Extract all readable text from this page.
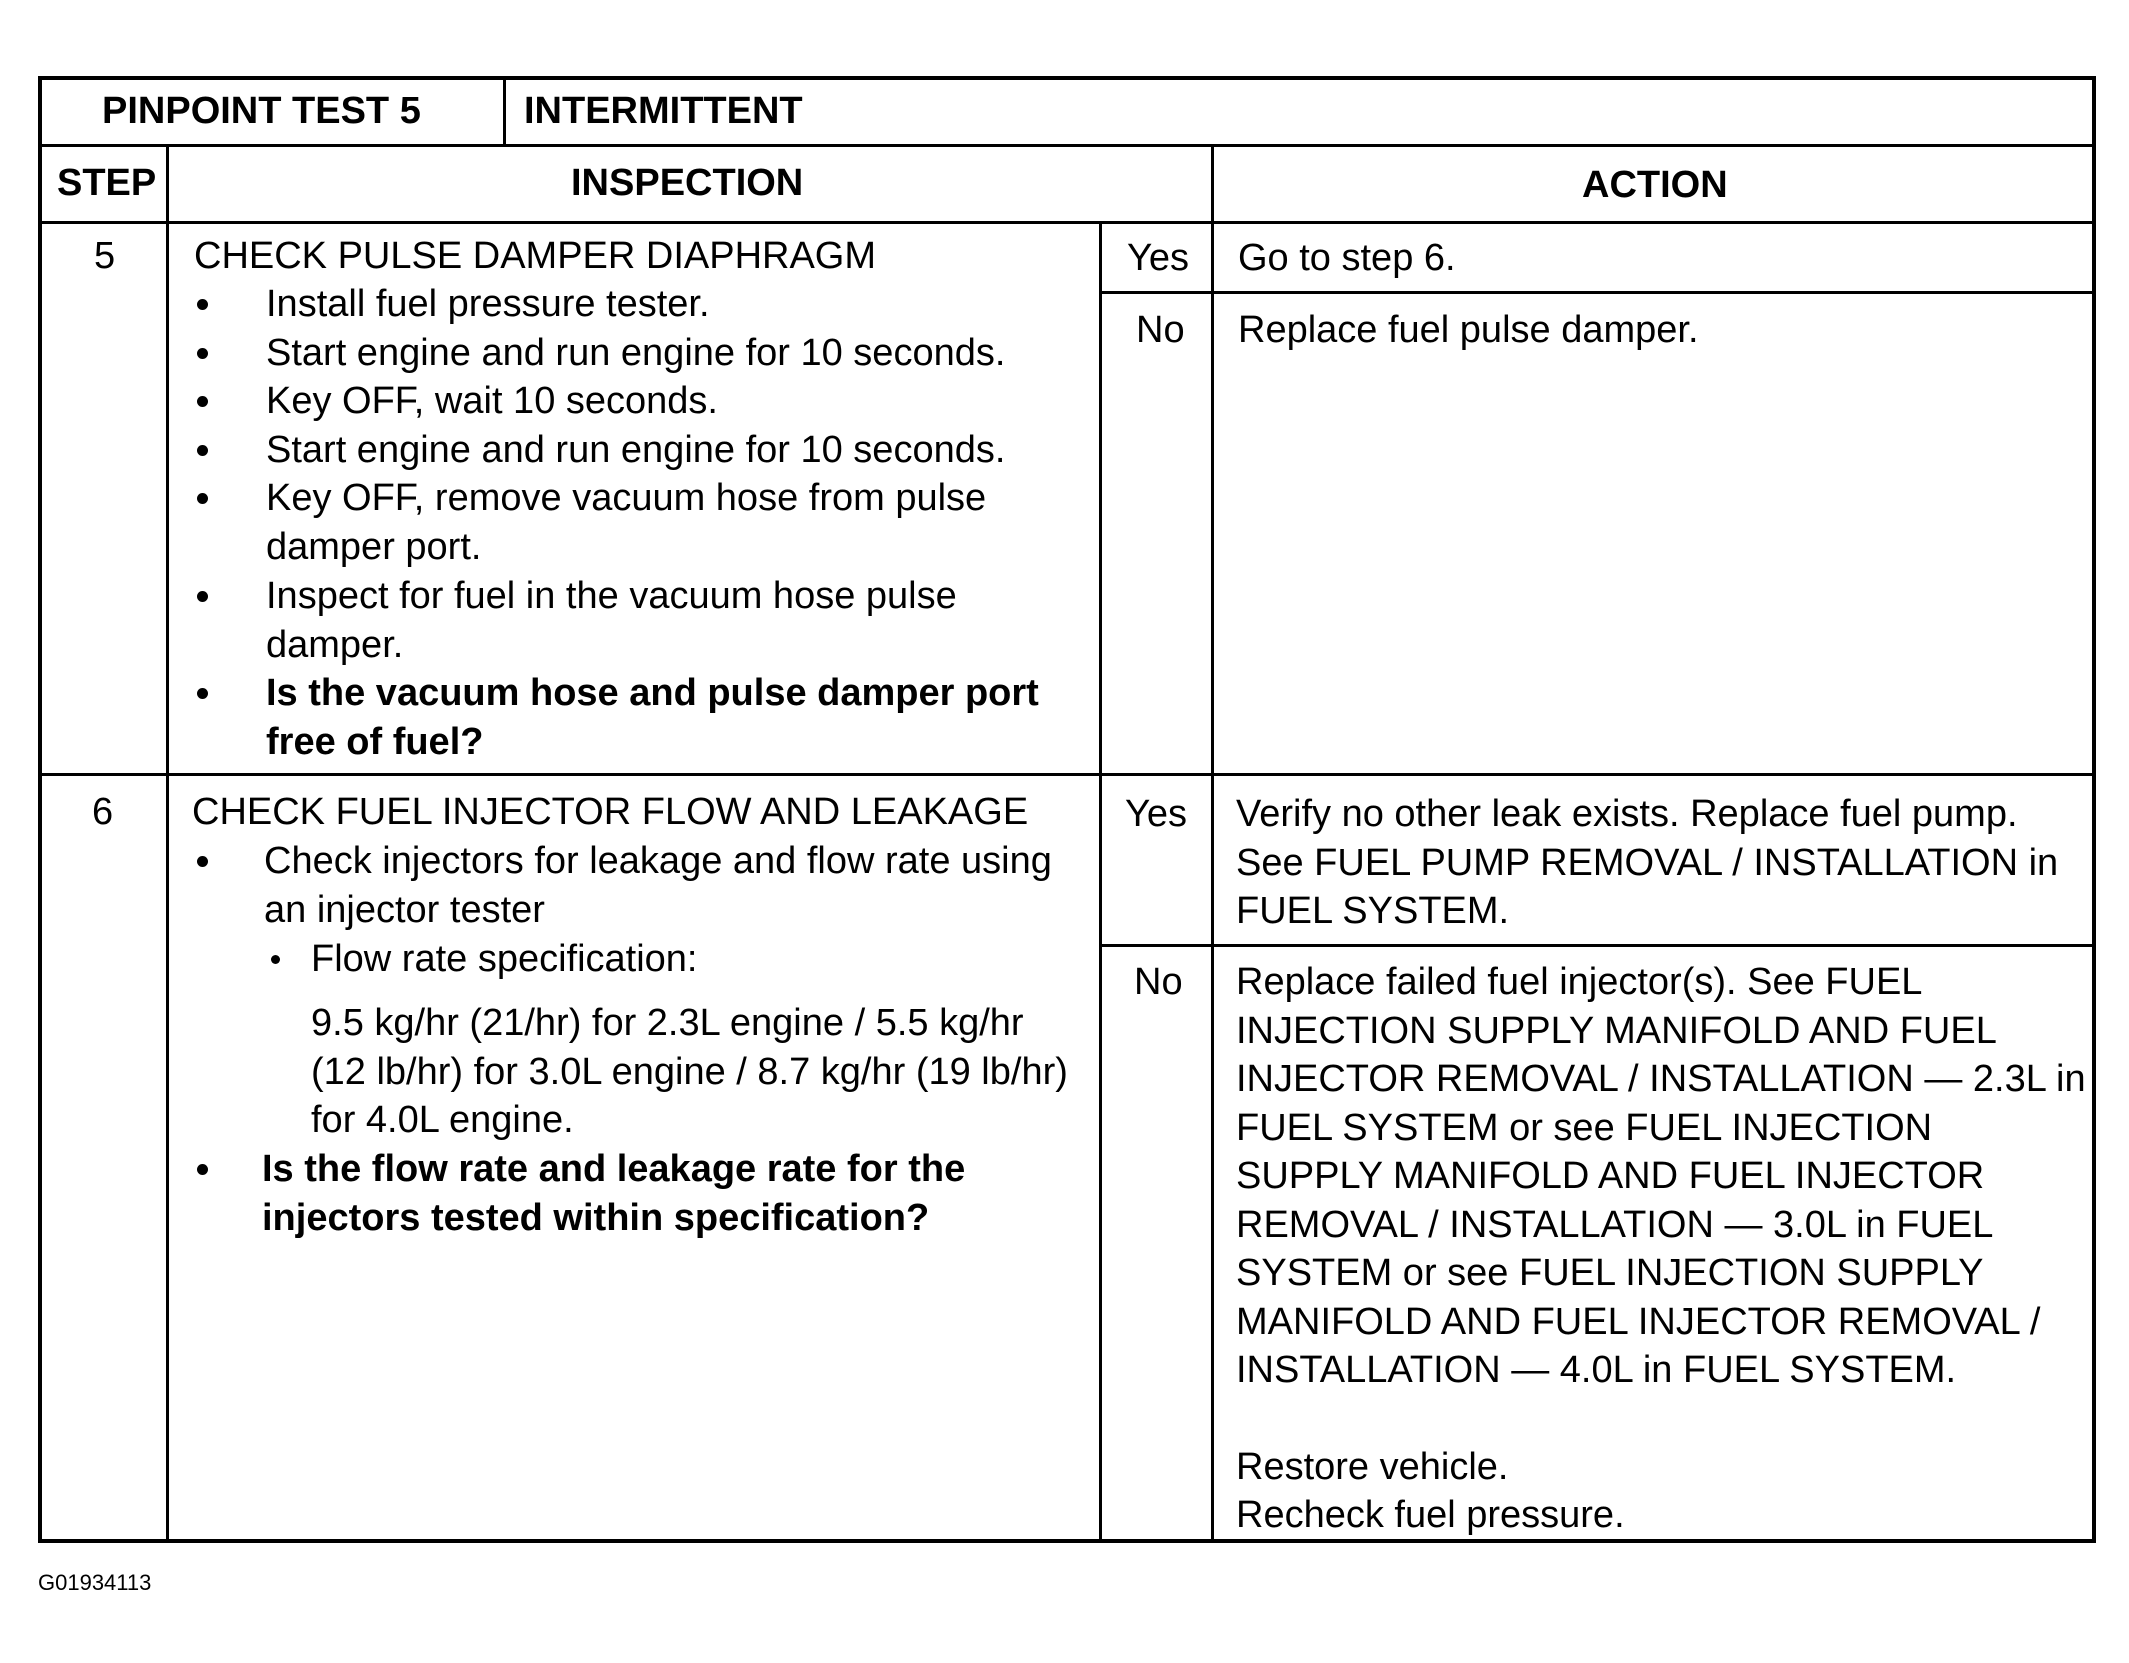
PINPOINT TEST 5	INTERMITTENT
STEP	INSPECTION	ACTION
5 CHECK PULSE DAMPER DIAPHRAGM
Install fuel pressure tester.
Start engine and run engine for 10 seconds.
Key OFF, wait 10 seconds.
Start engine and run engine for 10 seconds.
Key OFF, remove vacuum hose from pulse damper port.
Inspect for fuel in the vacuum hose pulse damper.
Is the vacuum hose and pulse damper port free of fuel?
Yes Go to step 6.
No Replace fuel pulse damper.
6 CHECK FUEL INJECTOR FLOW AND LEAKAGE
Check injectors for leakage and flow rate using an injector tester
Flow rate specification:
9.5 kg/hr (21/hr) for 2.3L engine / 5.5 kg/hr (12 lb/hr) for 3.0L engine / 8.7 kg/hr (19 lb/hr) for 4.0L engine.
Is the flow rate and leakage rate for the injectors tested within specification?
Yes Verify no other leak exists. Replace fuel pump. See FUEL PUMP REMOVAL / INSTALLATION in FUEL SYSTEM.
No Replace failed fuel injector(s). See FUEL INJECTION SUPPLY MANIFOLD AND FUEL INJECTOR REMOVAL / INSTALLATION — 2.3L in FUEL SYSTEM or see FUEL INJECTION SUPPLY MANIFOLD AND FUEL INJECTOR REMOVAL / INSTALLATION — 3.0L in FUEL SYSTEM or see FUEL INJECTION SUPPLY MANIFOLD AND FUEL INJECTOR REMOVAL / INSTALLATION — 4.0L in FUEL SYSTEM.
Restore vehicle.
Recheck fuel pressure.
G01934113
